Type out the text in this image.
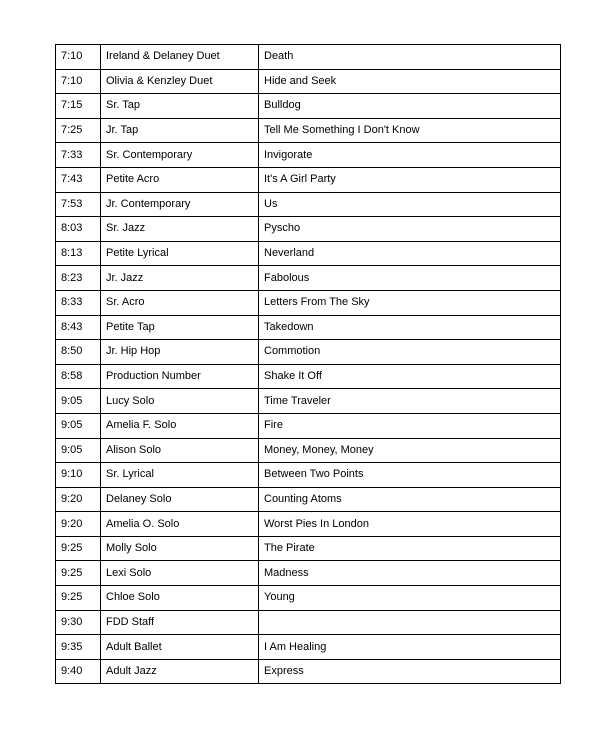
7:10	Ireland & Delaney Duet	Death
7:10	Olivia & Kenzley Duet	Hide and Seek
7:15	Sr. Tap	Bulldog
7:25	Jr. Tap	Tell Me Something I Don't Know
7:33	Sr. Contemporary	Invigorate
7:43	Petite Acro	It's A Girl Party
7:53	Jr. Contemporary	Us
8:03	Sr. Jazz	Pyscho
8:13	Petite Lyrical	Neverland
8:23	Jr. Jazz	Fabolous
8:33	Sr. Acro	Letters From The Sky
8:43	Petite Tap	Takedown
8:50	Jr. Hip Hop	Commotion
8:58	Production Number	Shake It Off
9:05	Lucy Solo	Time Traveler
9:05	Amelia F. Solo	Fire
9:05	Alison Solo	Money, Money, Money
9:10	Sr. Lyrical	Between Two Points
9:20	Delaney Solo	Counting Atoms
9:20	Amelia O. Solo	Worst Pies In London
9:25	Molly Solo	The Pirate
9:25	Lexi Solo	Madness
9:25	Chloe Solo	Young
9:30	FDD Staff	
9:35	Adult Ballet	I Am Healing
9:40	Adult Jazz	Express
